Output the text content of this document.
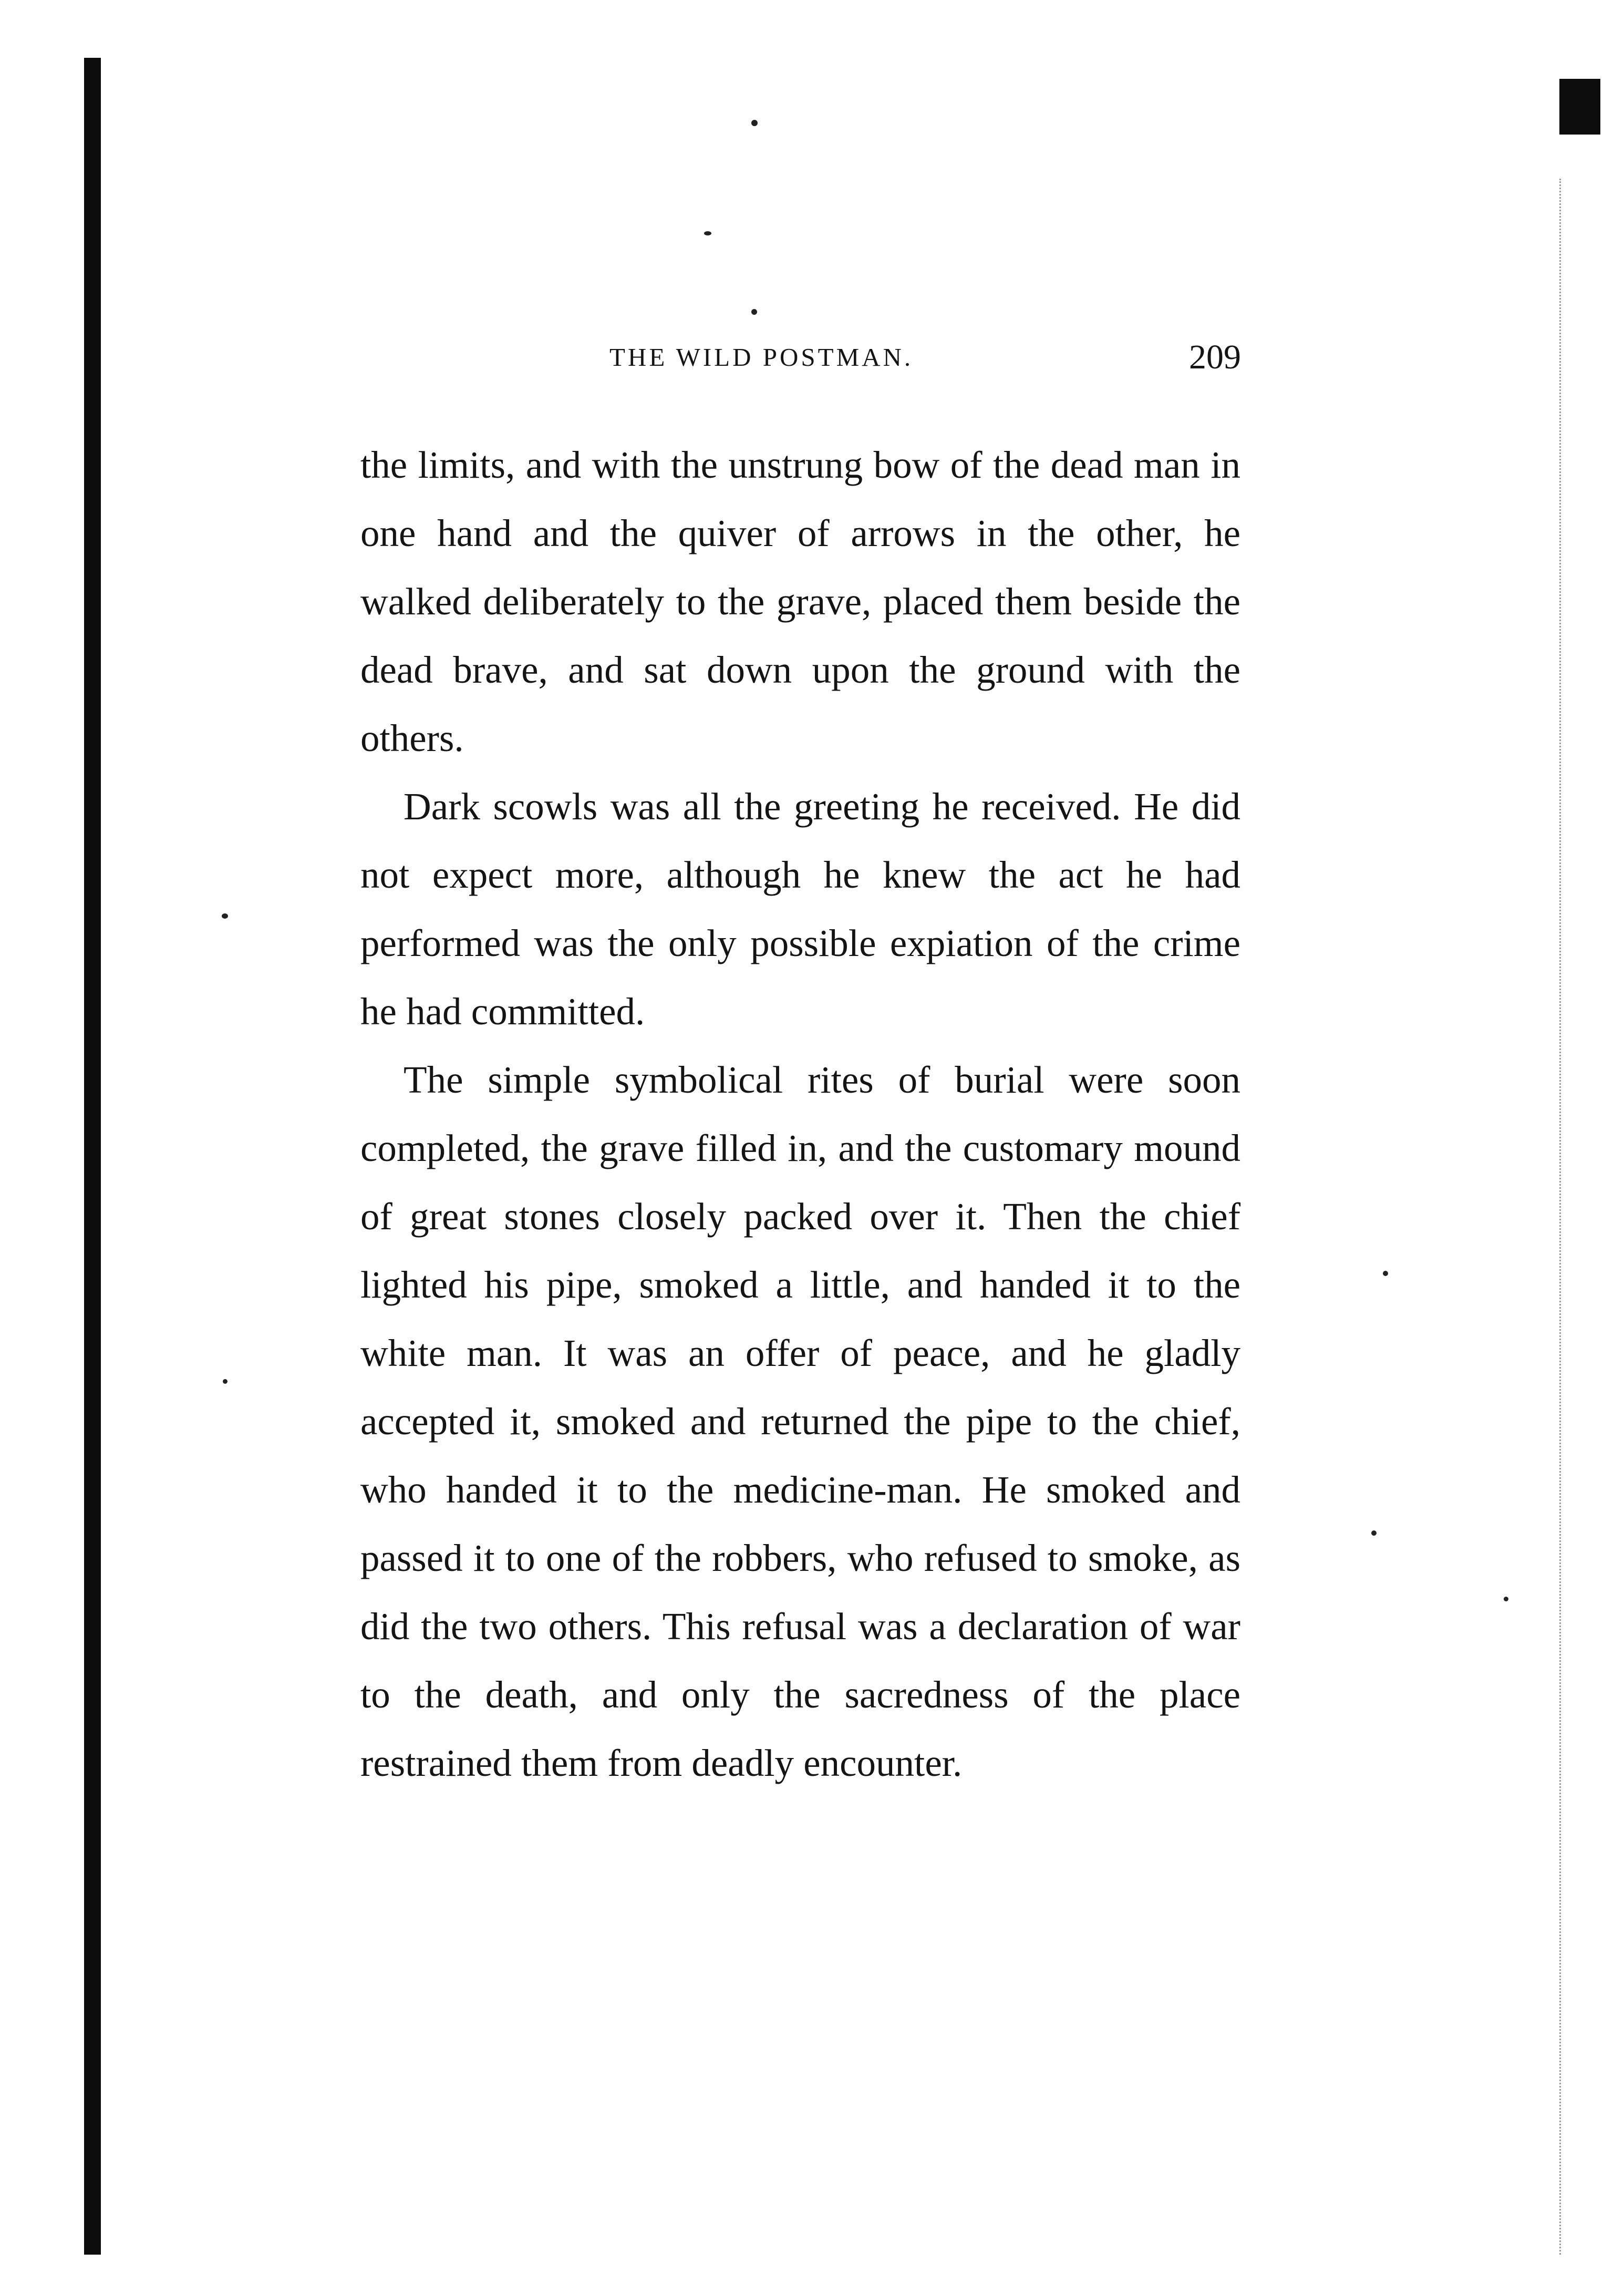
THE WILD POSTMAN.	209

the limits, and with the unstrung bow of the dead man in one hand and the quiver of arrows in the other, he walked deliberately to the grave, placed them beside the dead brave, and sat down upon the ground with the others.

Dark scowls was all the greeting he received. He did not expect more, although he knew the act he had performed was the only possible expiation of the crime he had committed.

The simple symbolical rites of burial were soon completed, the grave filled in, and the customary mound of great stones closely packed over it. Then the chief lighted his pipe, smoked a little, and handed it to the white man. It was an offer of peace, and he gladly accepted it, smoked and returned the pipe to the chief, who handed it to the medicine-man. He smoked and passed it to one of the robbers, who refused to smoke, as did the two others. This refusal was a declaration of war to the death, and only the sacredness of the place restrained them from deadly encounter.
